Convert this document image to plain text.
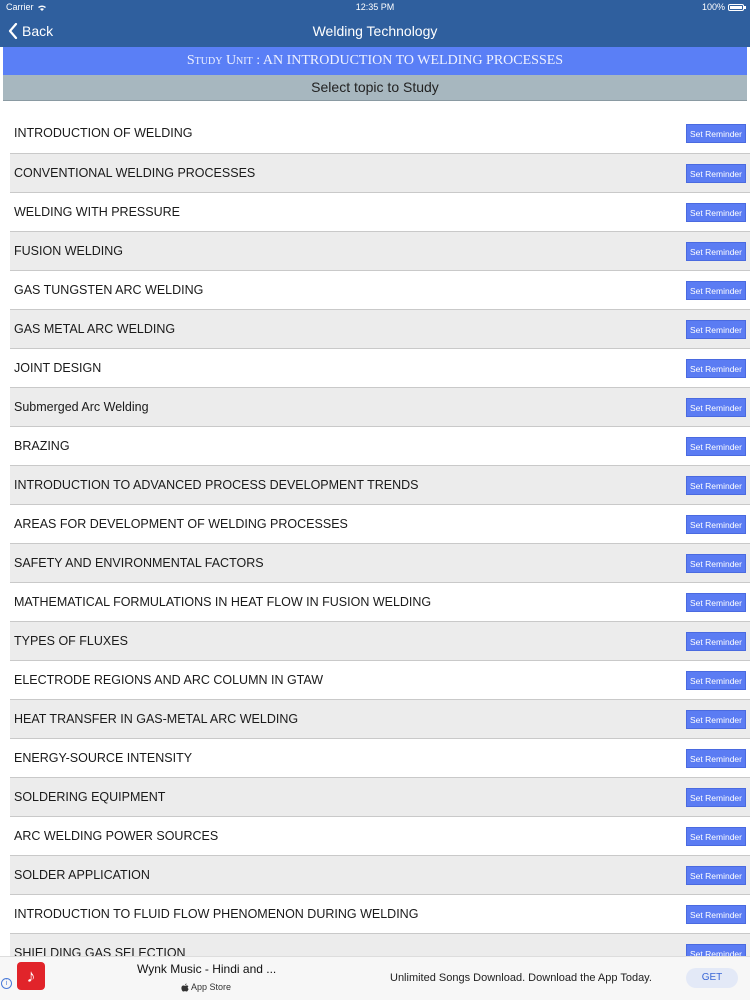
Carrier	12:35 PM	100%
Back	Welding Technology
Study Unit : AN INTRODUCTION TO WELDING PROCESSES
Select topic to Study
INTRODUCTION OF WELDING	Set Reminder
CONVENTIONAL WELDING PROCESSES	Set Reminder
WELDING WITH PRESSURE	Set Reminder
FUSION WELDING	Set Reminder
GAS TUNGSTEN ARC WELDING	Set Reminder
GAS METAL ARC WELDING	Set Reminder
JOINT DESIGN	Set Reminder
Submerged Arc Welding	Set Reminder
BRAZING	Set Reminder
INTRODUCTION TO ADVANCED PROCESS DEVELOPMENT TRENDS	Set Reminder
AREAS FOR DEVELOPMENT OF WELDING PROCESSES	Set Reminder
SAFETY AND ENVIRONMENTAL FACTORS	Set Reminder
MATHEMATICAL FORMULATIONS IN HEAT FLOW IN FUSION WELDING	Set Reminder
TYPES OF FLUXES	Set Reminder
ELECTRODE REGIONS AND ARC COLUMN IN GTAW	Set Reminder
HEAT TRANSFER IN GAS-METAL ARC WELDING	Set Reminder
ENERGY-SOURCE INTENSITY	Set Reminder
SOLDERING EQUIPMENT	Set Reminder
ARC WELDING POWER SOURCES	Set Reminder
SOLDER APPLICATION	Set Reminder
INTRODUCTION TO FLUID FLOW PHENOMENON DURING WELDING	Set Reminder
SHIELDING GAS SELECTION	Set Reminder
i	♪	Wynk Music - Hindi and ...
App Store
Unlimited Songs Download. Download the App Today.	GET
